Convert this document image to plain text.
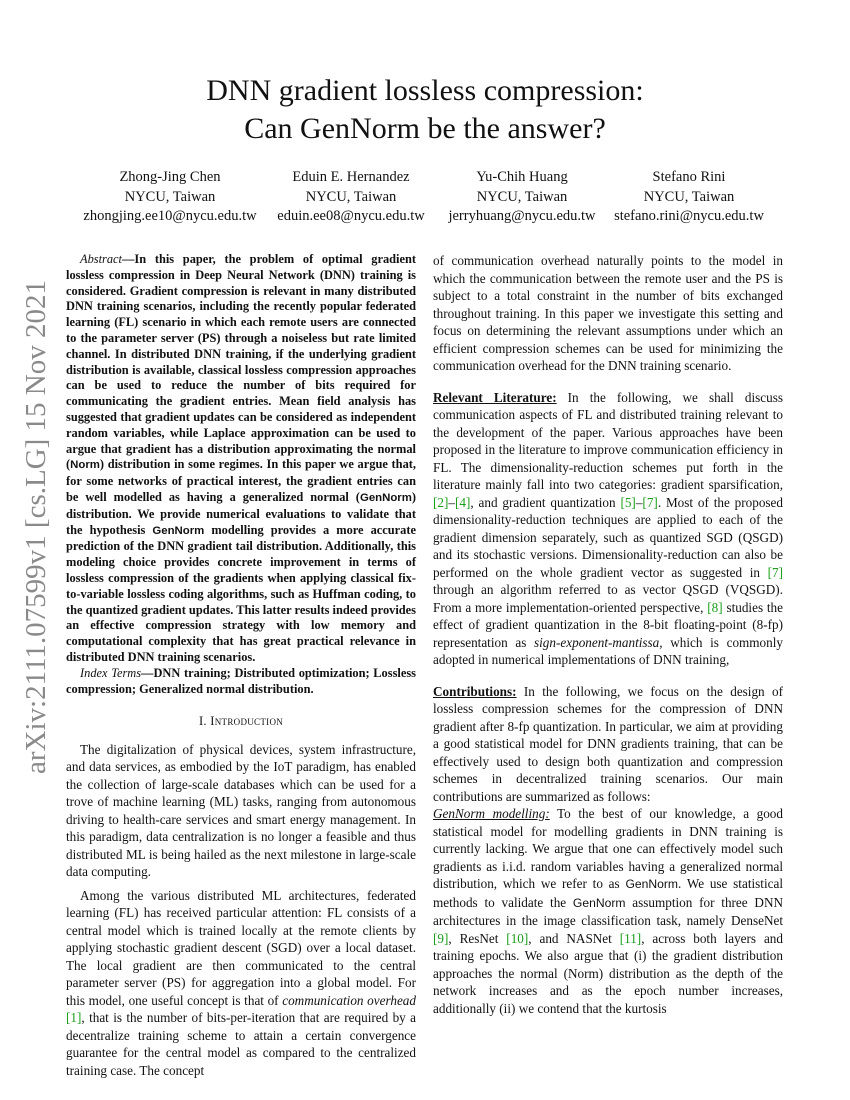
arXiv:2111.07599v1 [cs.LG] 15 Nov 2021
DNN gradient lossless compression:
Can GenNorm be the answer?
Zhong-Jing Chen
NYCU, Taiwan
zhongjing.ee10@nycu.edu.tw
Eduin E. Hernandez
NYCU, Taiwan
eduin.ee08@nycu.edu.tw
Yu-Chih Huang
NYCU, Taiwan
jerryhuang@nycu.edu.tw
Stefano Rini
NYCU, Taiwan
stefano.rini@nycu.edu.tw

Abstract—In this paper, the problem of optimal gradient lossless compression in Deep Neural Network (DNN) training is considered. Gradient compression is relevant in many distributed DNN training scenarios, including the recently popular federated learning (FL) scenario in which each remote users are connected to the parameter server (PS) through a noiseless but rate limited channel. In distributed DNN training, if the underlying gradient distribution is available, classical lossless compression approaches can be used to reduce the number of bits required for communicating the gradient entries. Mean field analysis has suggested that gradient updates can be considered as independent random variables, while Laplace approximation can be used to argue that gradient has a distribution approximating the normal (Norm) distribution in some regimes. In this paper we argue that, for some networks of practical interest, the gradient entries can be well modelled as having a generalized normal (GenNorm) distribution. We provide numerical evaluations to validate that the hypothesis GenNorm modelling provides a more accurate prediction of the DNN gradient tail distribution. Additionally, this modeling choice provides concrete improvement in terms of lossless compression of the gradients when applying classical fix-to-variable lossless coding algorithms, such as Huffman coding, to the quantized gradient updates. This latter results indeed provides an effective compression strategy with low memory and computational complexity that has great practical relevance in distributed DNN training scenarios.

Index Terms—DNN training; Distributed optimization; Lossless compression; Generalized normal distribution.

I. Introduction

The digitalization of physical devices, system infrastructure, and data services, as embodied by the IoT paradigm, has enabled the collection of large-scale databases which can be used for a trove of machine learning (ML) tasks, ranging from autonomous driving to health-care services and smart energy management. In this paradigm, data centralization is no longer a feasible and thus distributed ML is being hailed as the next milestone in large-scale data computing.

Among the various distributed ML architectures, federated learning (FL) has received particular attention: FL consists of a central model which is trained locally at the remote clients by applying stochastic gradient descent (SGD) over a local dataset. The local gradient are then communicated to the central parameter server (PS) for aggregation into a global model. For this model, one useful concept is that of communication overhead [1], that is the number of bits-per-iteration that are required by a decentralize training scheme to attain a certain convergence guarantee for the central model as compared to the centralized training case. The concept

of communication overhead naturally points to the model in which the communication between the remote user and the PS is subject to a total constraint in the number of bits exchanged throughout training. In this paper we investigate this setting and focus on determining the relevant assumptions under which an efficient compression schemes can be used for minimizing the communication overhead for the DNN training scenario.

Relevant Literature: In the following, we shall discuss communication aspects of FL and distributed training relevant to the development of the paper. Various approaches have been proposed in the literature to improve communication efficiency in FL. The dimensionality-reduction schemes put forth in the literature mainly fall into two categories: gradient sparsification, [2]–[4], and gradient quantization [5]–[7]. Most of the proposed dimensionality-reduction techniques are applied to each of the gradient dimension separately, such as quantized SGD (QSGD) and its stochastic versions. Dimensionality-reduction can also be performed on the whole gradient vector as suggested in [7] through an algorithm referred to as vector QSGD (VQSGD). From a more implementation-oriented perspective, [8] studies the effect of gradient quantization in the 8-bit floating-point (8-fp) representation as sign-exponent-mantissa, which is commonly adopted in numerical implementations of DNN training,

Contributions: In the following, we focus on the design of lossless compression schemes for the compression of DNN gradient after 8-fp quantization. In particular, we aim at providing a good statistical model for DNN gradients training, that can be effectively used to design both quantization and compression schemes in decentralized training scenarios. Our main contributions are summarized as follows:

GenNorm modelling: To the best of our knowledge, a good statistical model for modelling gradients in DNN training is currently lacking. We argue that one can effectively model such gradients as i.i.d. random variables having a generalized normal distribution, which we refer to as GenNorm. We use statistical methods to validate the GenNorm assumption for three DNN architectures in the image classification task, namely DenseNet [9], ResNet [10], and NASNet [11], across both layers and training epochs. We also argue that (i) the gradient distribution approaches the normal (Norm) distribution as the depth of the network increases and as the epoch number increases, additionally (ii) we contend that the kurtosis
